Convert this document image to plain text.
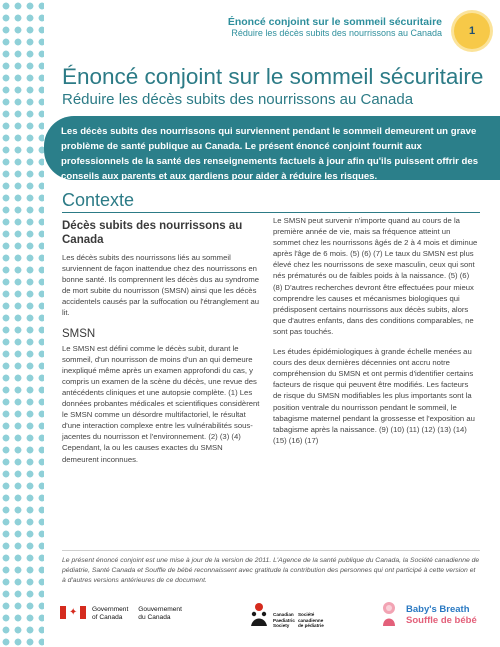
Énoncé conjoint sur le sommeil sécuritaire
Réduire les décès subits des nourrissons au Canada	1
Énoncé conjoint sur le sommeil sécuritaire
Réduire les décès subits des nourrissons au Canada

Les décès subits des nourrissons qui surviennent pendant le sommeil demeurent un grave problème de santé publique au Canada. Le présent énoncé conjoint fournit aux professionnels de la santé des renseignements factuels à jour afin qu'ils puissent offrir des conseils aux parents et aux gardiens pour aider à réduire les risques.

Contexte
Décès subits des nourrissons au Canada

Les décès subits des nourrissons liés au sommeil surviennent de façon inattendue chez des nourrissons en bonne santé. Ils comprennent les décès dus au syndrome de mort subite du nourrisson (SMSN) ainsi que les décès accidentels causés par la suffocation ou l'étranglement au lit.

SMSN

Le SMSN est défini comme le décès subit, durant le sommeil, d'un nourrisson de moins d'un an qui demeure inexpliqué même après un examen approfondi du cas, y compris un examen de la scène du décès, une revue des antécédents cliniques et une autopsie complète. (1) Les données probantes médicales et scientifiques considèrent le SMSN comme un désordre multifactoriel, le résultat d'une interaction complexe entre les vulnérabilités sous-jacentes du nourrisson et l'environnement. (2) (3) (4) Cependant, la ou les causes exactes du SMSN demeurent inconnues.

Le SMSN peut survenir n'importe quand au cours de la première année de vie, mais sa fréquence atteint un sommet chez les nourrissons âgés de 2 à 4 mois et diminue après l'âge de 6 mois. (5) (6) (7) Le taux du SMSN est plus élevé chez les nourrissons de sexe masculin, ceux qui sont nés prématurés ou de faibles poids à la naissance. (5) (6) (8) D'autres recherches devront être effectuées pour mieux comprendre les causes et mécanismes biologiques qui prédisposent certains nourrissons aux décès subits, alors que d'autres enfants, dans des conditions comparables, ne sont pas touchés.

Les études épidémiologiques à grande échelle menées au cours des deux dernières décennies ont accru notre compréhension du SMSN et ont permis d'identifier certains facteurs de risque qui peuvent être modifiés. Les facteurs de risque du SMSN modifiables les plus importants sont la position ventrale du nourrisson pendant le sommeil, le tabagisme maternel pendant la grossesse et l'exposition au tabagisme après la naissance. (9) (10) (11) (12) (13) (14) (15) (16) (17)

Le présent énoncé conjoint est une mise à jour de la version de 2011. L'Agence de la santé publique du Canada, la Société canadienne de pédiatrie, Santé Canada et Souffle de bébé reconnaissent avec gratitude la contribution des personnes qui ont participé à cette version et à d'autres versions antérieures de ce document.

✦ Government
of Canada
Gouvernement
du Canada	Canadian
Paediatric
Society
Société
canadienne
de pédiatrie
Baby's Breath
Souffle de bébé
